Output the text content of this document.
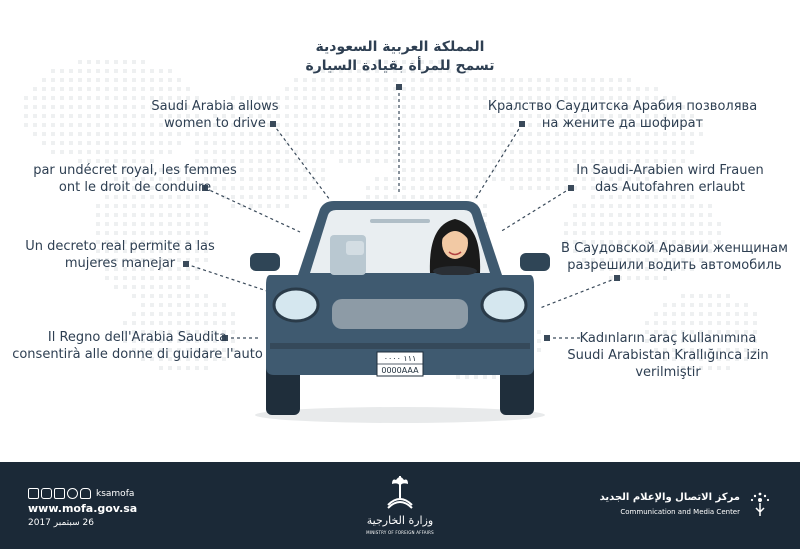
١١١ ٠٠٠٠
0000AAA
المملكة العربية السعودية
تسمح للمرأة بقيادة السيارة
Saudi Arabia allows
women to drive
par undécret royal, les femmes
ont le droit de conduire
Un decreto real permite a las
mujeres manejar
Il Regno dell'Arabia Saudita
consentirà alle donne di guidare l'auto
Кралство Саудитска Арабия позволява
на жените да шофират
In Saudi-Arabien wird Frauen
das Autofahren erlaubt
В Саудовской Аравии женщинам
разрешили водить автомобиль
Kadınların araç kullanımına
Suudi Arabistan Krallığınca izin verilmiştir
ksamofa
www.mofa.gov.sa
26 سبتمبر 2017	وزارة الخارجية
MINISTRY OF FOREIGN AFFAIRS
مركز الاتصال والإعلام الجديد
Communication and Media Center
